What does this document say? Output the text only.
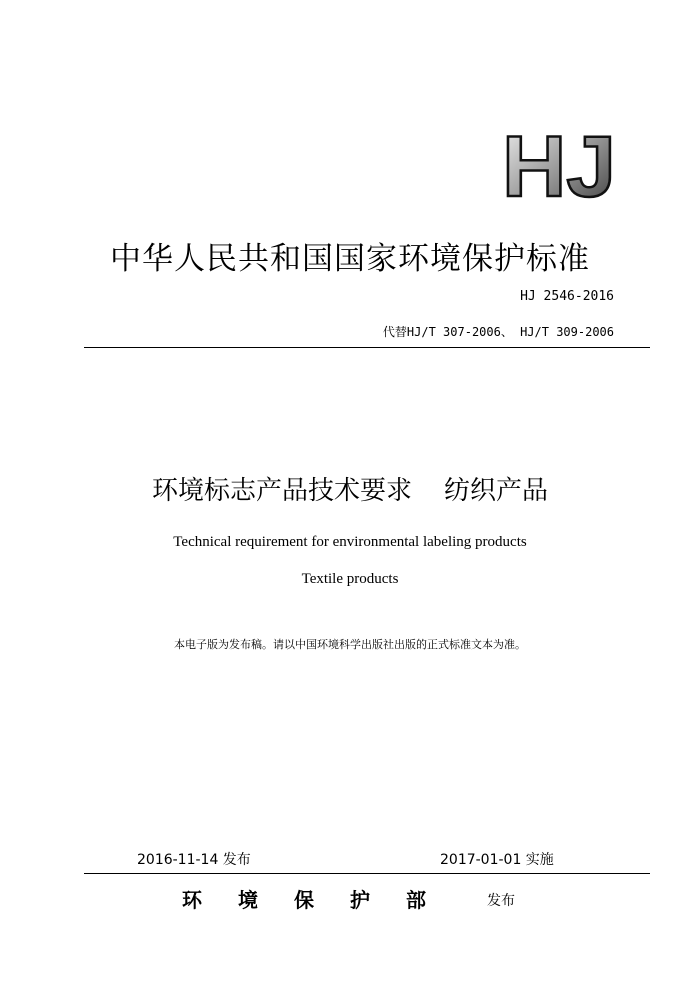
HJ
中华人民共和国国家环境保护标准
HJ 2546-2016
代替HJ/T 307-2006、 HJ/T 309-2006
环境标志产品技术要求 纺织产品
Technical requirement for environmental labeling products
Textile products
本电子版为发布稿。请以中国环境科学出版社出版的正式标准文本为准。
2016-11-14 发布	2017-01-01 实施
环境保护部 发布
